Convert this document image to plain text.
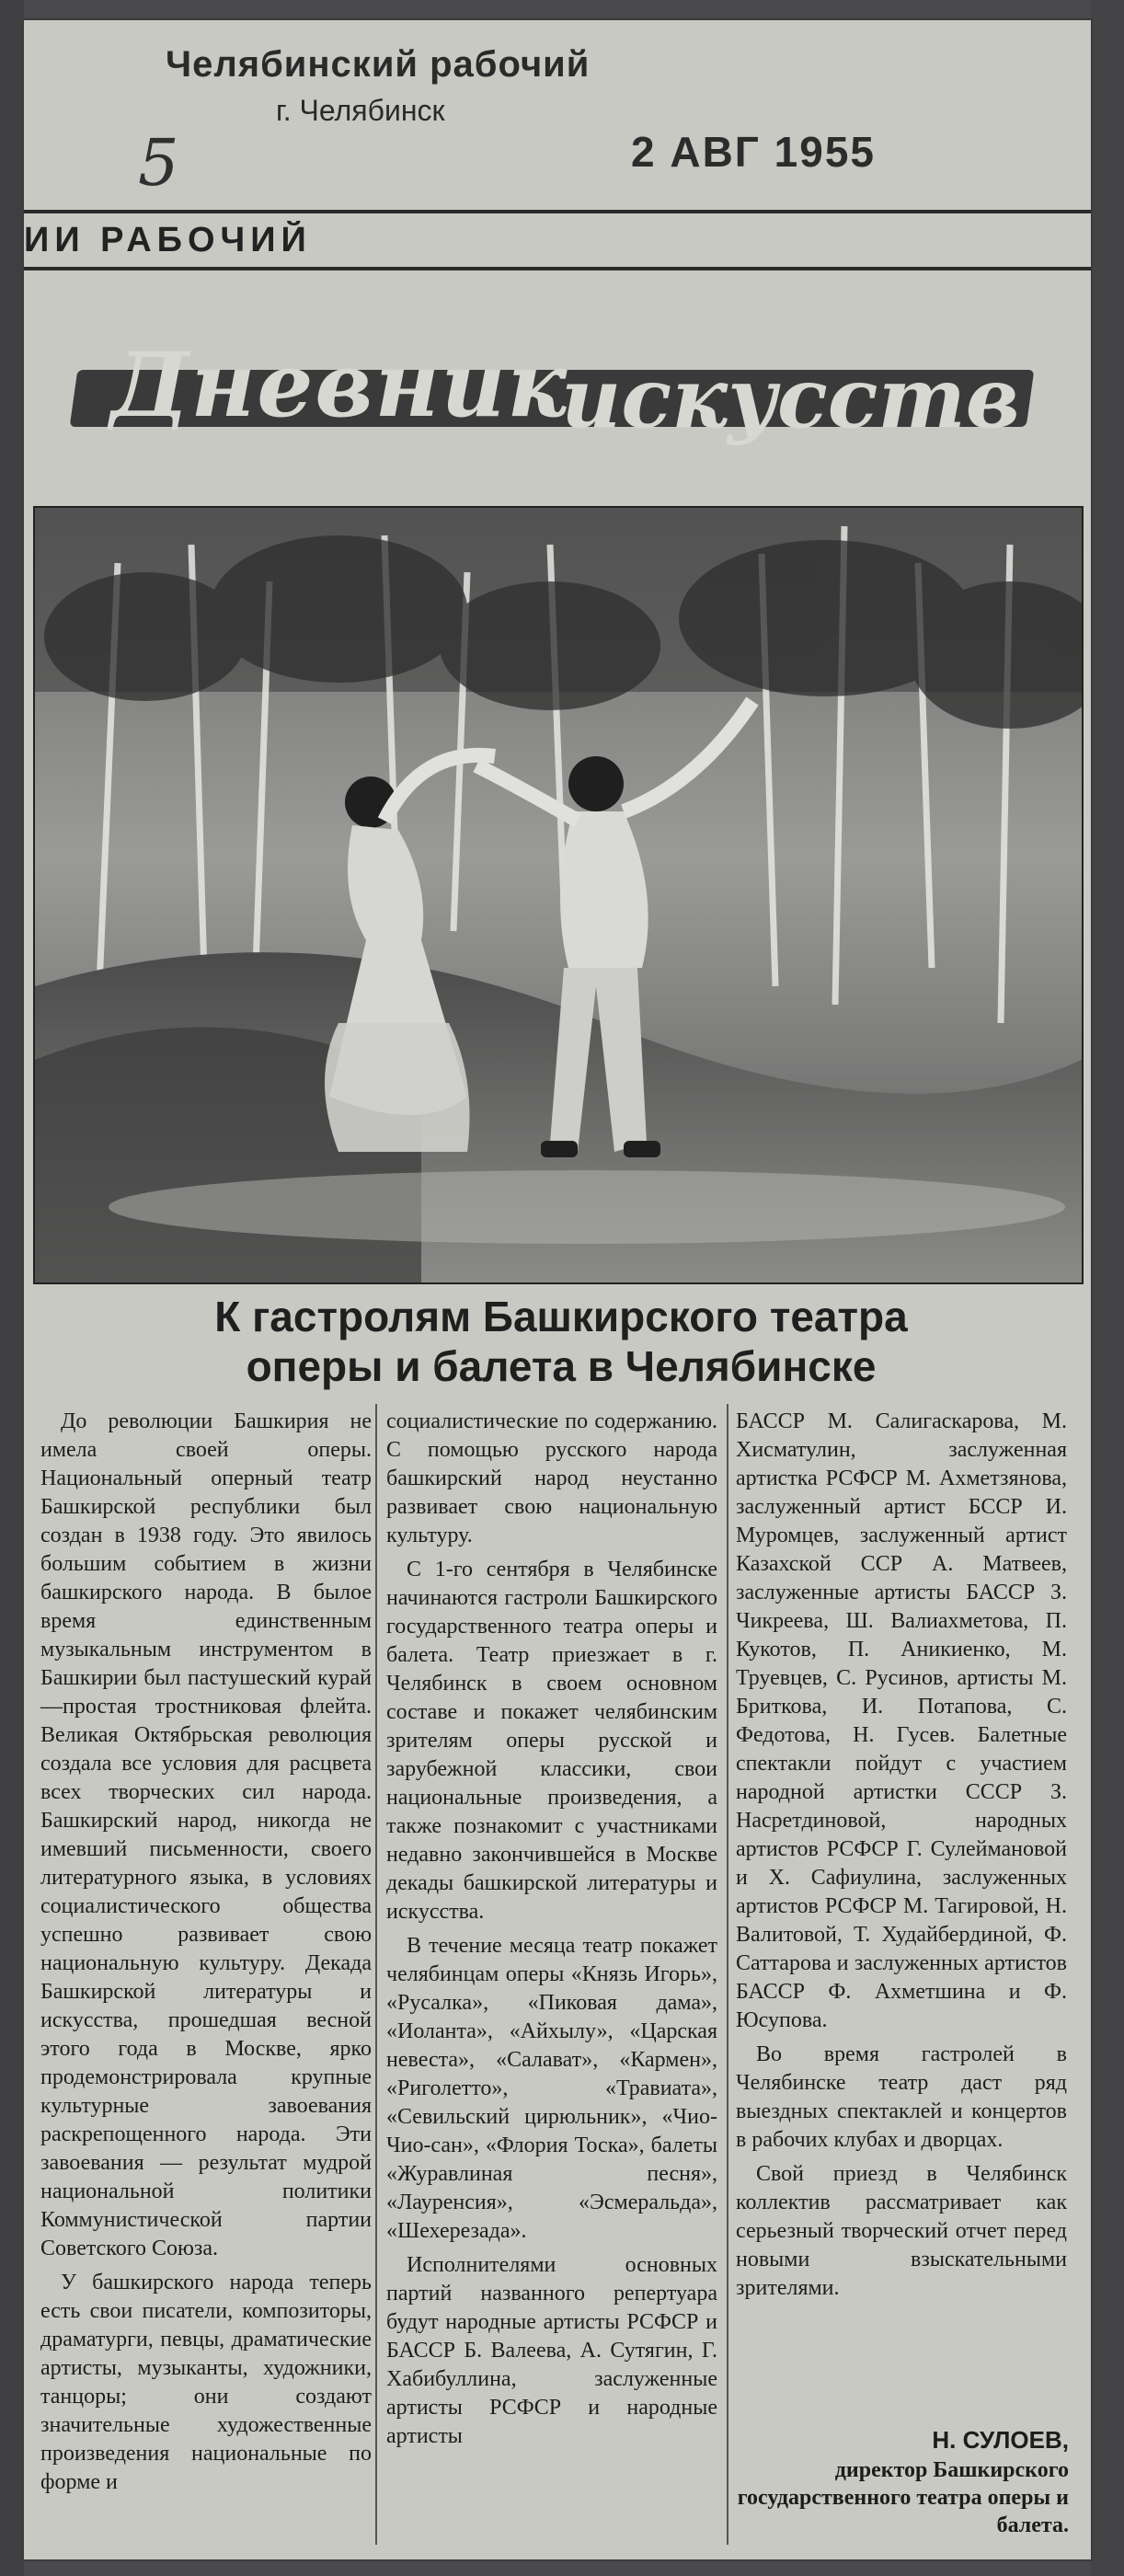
Челябинский рабочий
г. Челябинск
5	2 АВГ 1955
ИИ РАБОЧИЙ
Дневник
искусств
К гастролям Башкирского театра
оперы и балета в Челябинске

До революции Башкирия не имела своей оперы. Национальный оперный театр Башкирской республики был создан в 1938 году. Это явилось большим событием в жизни башкирского народа. В былое время единственным музыкальным инструментом в Башкирии был пастушеский курай—простая тростниковая флейта. Великая Октябрьская революция создала все условия для расцвета всех творческих сил народа. Башкирский народ, никогда не имевший письменности, своего литературного языка, в условиях социалистического общества успешно развивает свою национальную культуру. Декада Башкирской литературы и искусства, прошедшая весной этого года в Москве, ярко продемонстрировала крупные культурные завоевания раскрепощенного народа. Эти завоевания — результат мудрой национальной политики Коммунистической партии Советского Союза.

У башкирского народа теперь есть свои писатели, композиторы, драматурги, певцы, драматические артисты, музыканты, художники, танцоры; они создают значительные художественные произведения национальные по форме и

социалистические по содержанию. С помощью русского народа башкирский народ неустанно развивает свою национальную культуру.

С 1-го сентября в Челябинске начинаются гастроли Башкирского государственного театра оперы и балета. Театр приезжает в г. Челябинск в своем основном составе и покажет челябинским зрителям оперы русской и зарубежной классики, свои национальные произведения, а также познакомит с участниками недавно закончившейся в Москве декады башкирской литературы и искусства.

В течение месяца театр покажет челябинцам оперы «Князь Игорь», «Русалка», «Пиковая дама», «Иоланта», «Айхылу», «Царская невеста», «Салават», «Кармен», «Риголетто», «Травиата», «Севильский цирюльник», «Чио-Чио-сан», «Флория Тоска», балеты «Журавлиная песня», «Лауренсия», «Эсмеральда», «Шехерезада».

Исполнителями основных партий названного репертуара будут народные артисты РСФСР и БАССР Б. Валеева, А. Сутягин, Г. Хабибуллина, заслуженные артисты РСФСР и народные артисты

БАССР М. Салигаскарова, М. Хисматулин, заслуженная артистка РСФСР М. Ахметзянова, заслуженный артист БССР И. Муромцев, заслуженный артист Казахской ССР А. Матвеев, заслуженные артисты БАССР З. Чикреева, Ш. Валиахметова, П. Кукотов, П. Аникиенко, М. Труевцев, С. Русинов, артисты М. Бриткова, И. Потапова, С. Федотова, Н. Гусев. Балетные спектакли пойдут с участием народной артистки СССР З. Насретдиновой, народных артистов РСФСР Г. Сулеймановой и Х. Сафиулина, заслуженных артистов РСФСР М. Тагировой, Н. Валитовой, Т. Худайбердиной, Ф. Саттарова и заслуженных артистов БАССР Ф. Ахметшина и Ф. Юсупова.

Во время гастролей в Челябинске театр даст ряд выездных спектаклей и концертов в рабочих клубах и дворцах.

Свой приезд в Челябинск коллектив рассматривает как серьезный творческий отчет перед новыми взыскательными зрителями.

Н. СУЛОЕВ,
директор Башкирского государственного театра оперы и балета.
